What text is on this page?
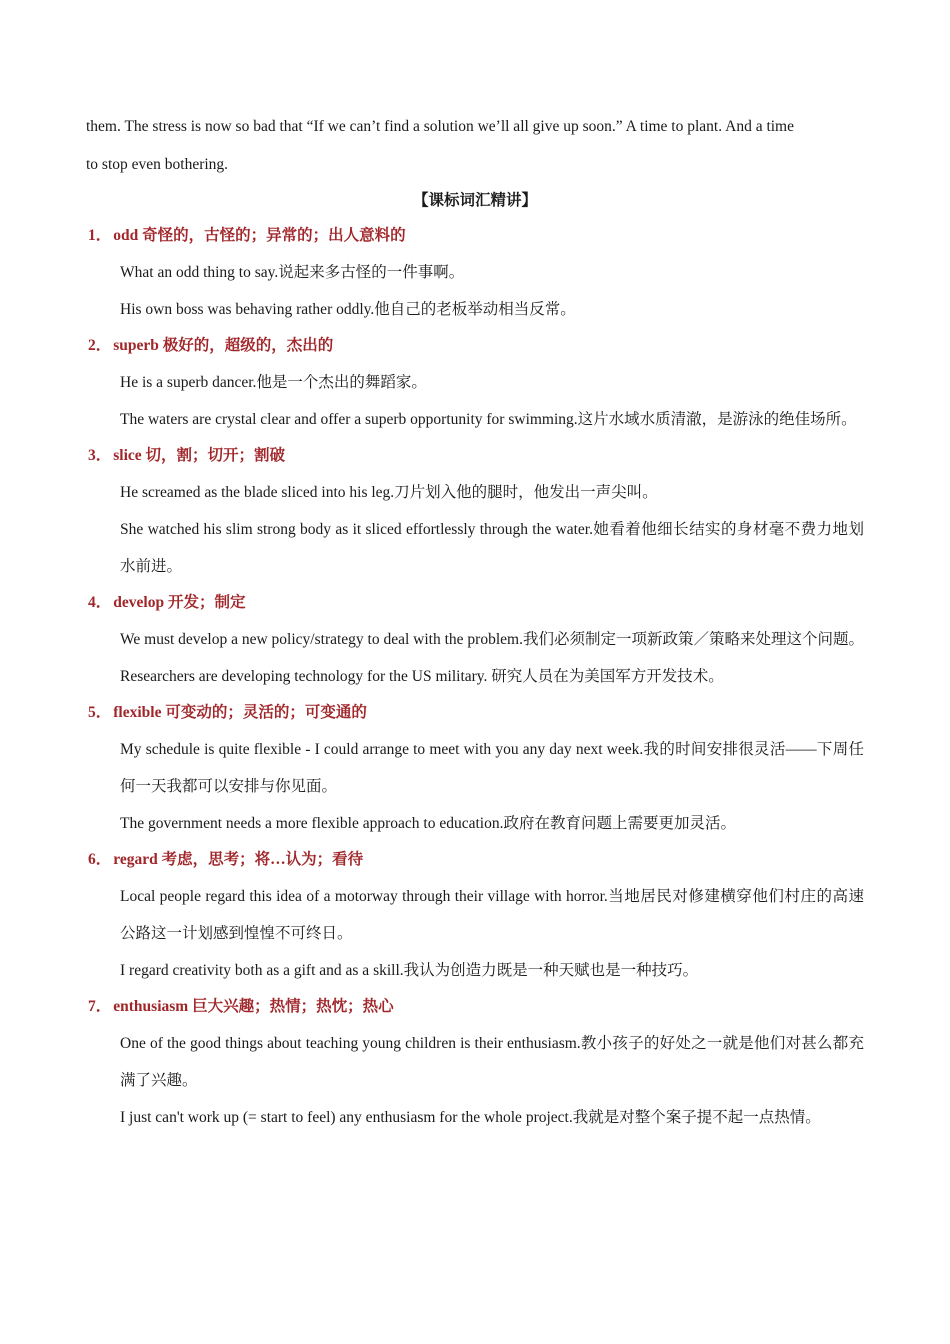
them. The stress is now so bad that “If we can’t find a solution we’ll all give up soon.” A time to plant. And a time
to stop even bothering.

【课标词汇精讲】

1． odd 奇怪的，古怪的；异常的；出人意料的

What an odd thing to say.说起来多古怪的一件事啊。

His own boss was behaving rather oddly.他自己的老板举动相当反常。

2． superb 极好的，超级的，杰出的

He is a superb dancer.他是一个杰出的舞蹈家。

The waters are crystal clear and offer a superb opportunity for swimming.这片水域水质清澈，是游泳的绝佳场所。

3． slice 切，割；切开；割破

He screamed as the blade sliced into his leg.刀片划入他的腿时，他发出一声尖叫。

She watched his slim strong body as it sliced effortlessly through the water.她看着他细长结实的身材毫不费力地划水前进。

4． develop 开发；制定

We must develop a new policy/strategy to deal with the problem.我们必须制定一项新政策／策略来处理这个问题。

Researchers are developing technology for the US military. 研究人员在为美国军方开发技术。

5． flexible 可变动的；灵活的；可变通的

My schedule is quite flexible - I could arrange to meet with you any day next week.我的时间安排很灵活——下周任何一天我都可以安排与你见面。

The government needs a more flexible approach to education.政府在教育问题上需要更加灵活。

6． regard 考虑，思考；将…认为；看待

Local people regard this idea of a motorway through their village with horror.当地居民对修建横穿他们村庄的高速公路这一计划感到惶惶不可终日。

I regard creativity both as a gift and as a skill.我认为创造力既是一种天赋也是一种技巧。

7． enthusiasm 巨大兴趣；热情；热忱；热心

One of the good things about teaching young children is their enthusiasm.教小孩子的好处之一就是他们对甚么都充满了兴趣。

I just can't work up (= start to feel) any enthusiasm for the whole project.我就是对整个案子提不起一点热情。
